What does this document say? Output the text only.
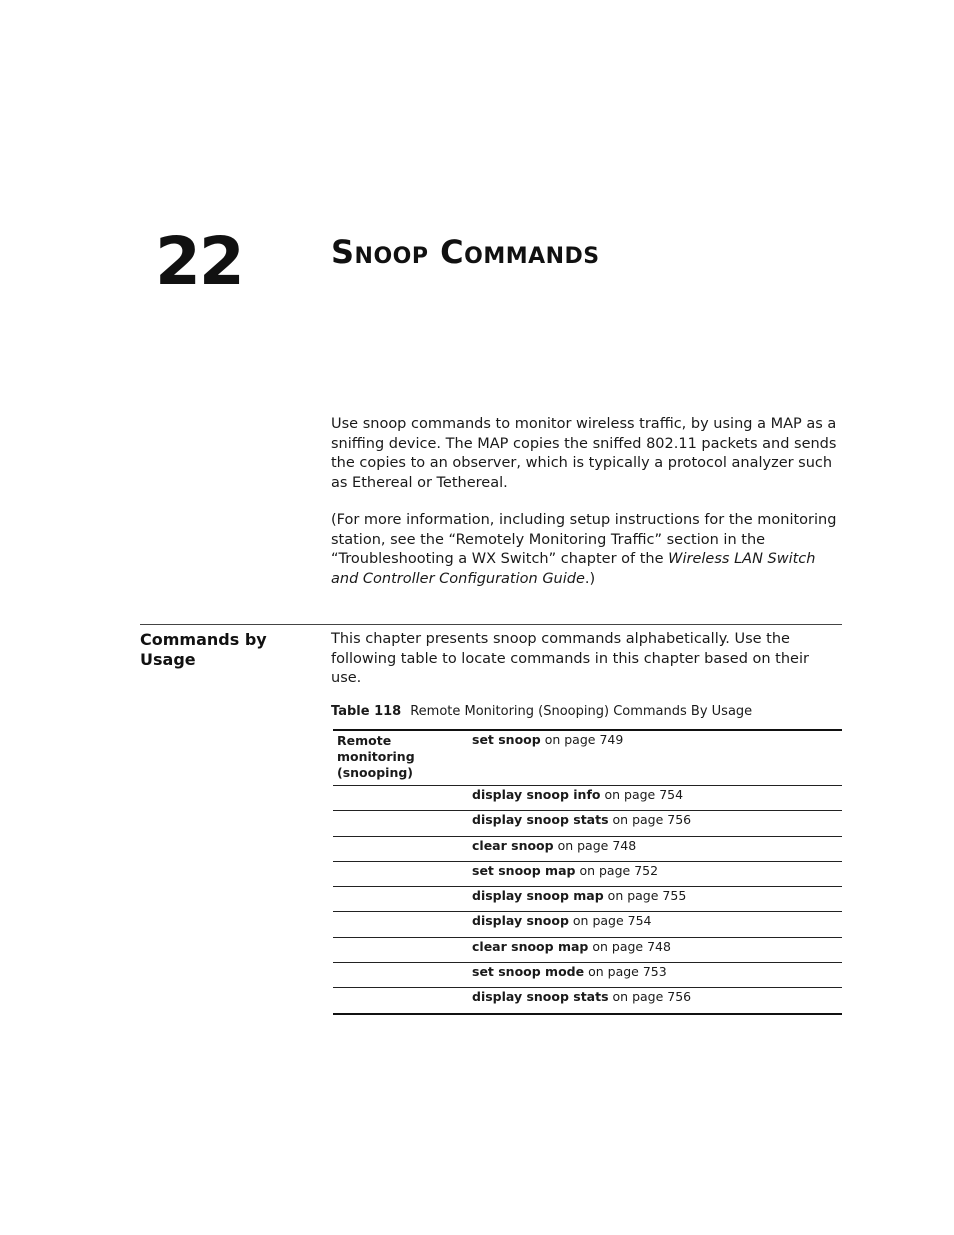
22	Snoop Commands

Use snoop commands to monitor wireless traffic, by using a MAP as a sniffing device. The MAP copies the sniffed 802.11 packets and sends the copies to an observer, which is typically a protocol analyzer such as Ethereal or Tethereal.

(For more information, including setup instructions for the monitoring station, see the “Remotely Monitoring Traffic” section in the “Troubleshooting a WX Switch” chapter of the Wireless LAN Switch and Controller Configuration Guide.)

Commands by Usage

This chapter presents snoop commands alphabetically. Use the following table to locate commands in this chapter based on their use.

Table 118 Remote Monitoring (Snooping) Commands By Usage
Remote monitoring (snooping)	set snoop on page 749
	display snoop info on page 754
	display snoop stats on page 756
	clear snoop on page 748
	set snoop map on page 752
	display snoop map on page 755
	display snoop on page 754
	clear snoop map on page 748
	set snoop mode on page 753
	display snoop stats on page 756
